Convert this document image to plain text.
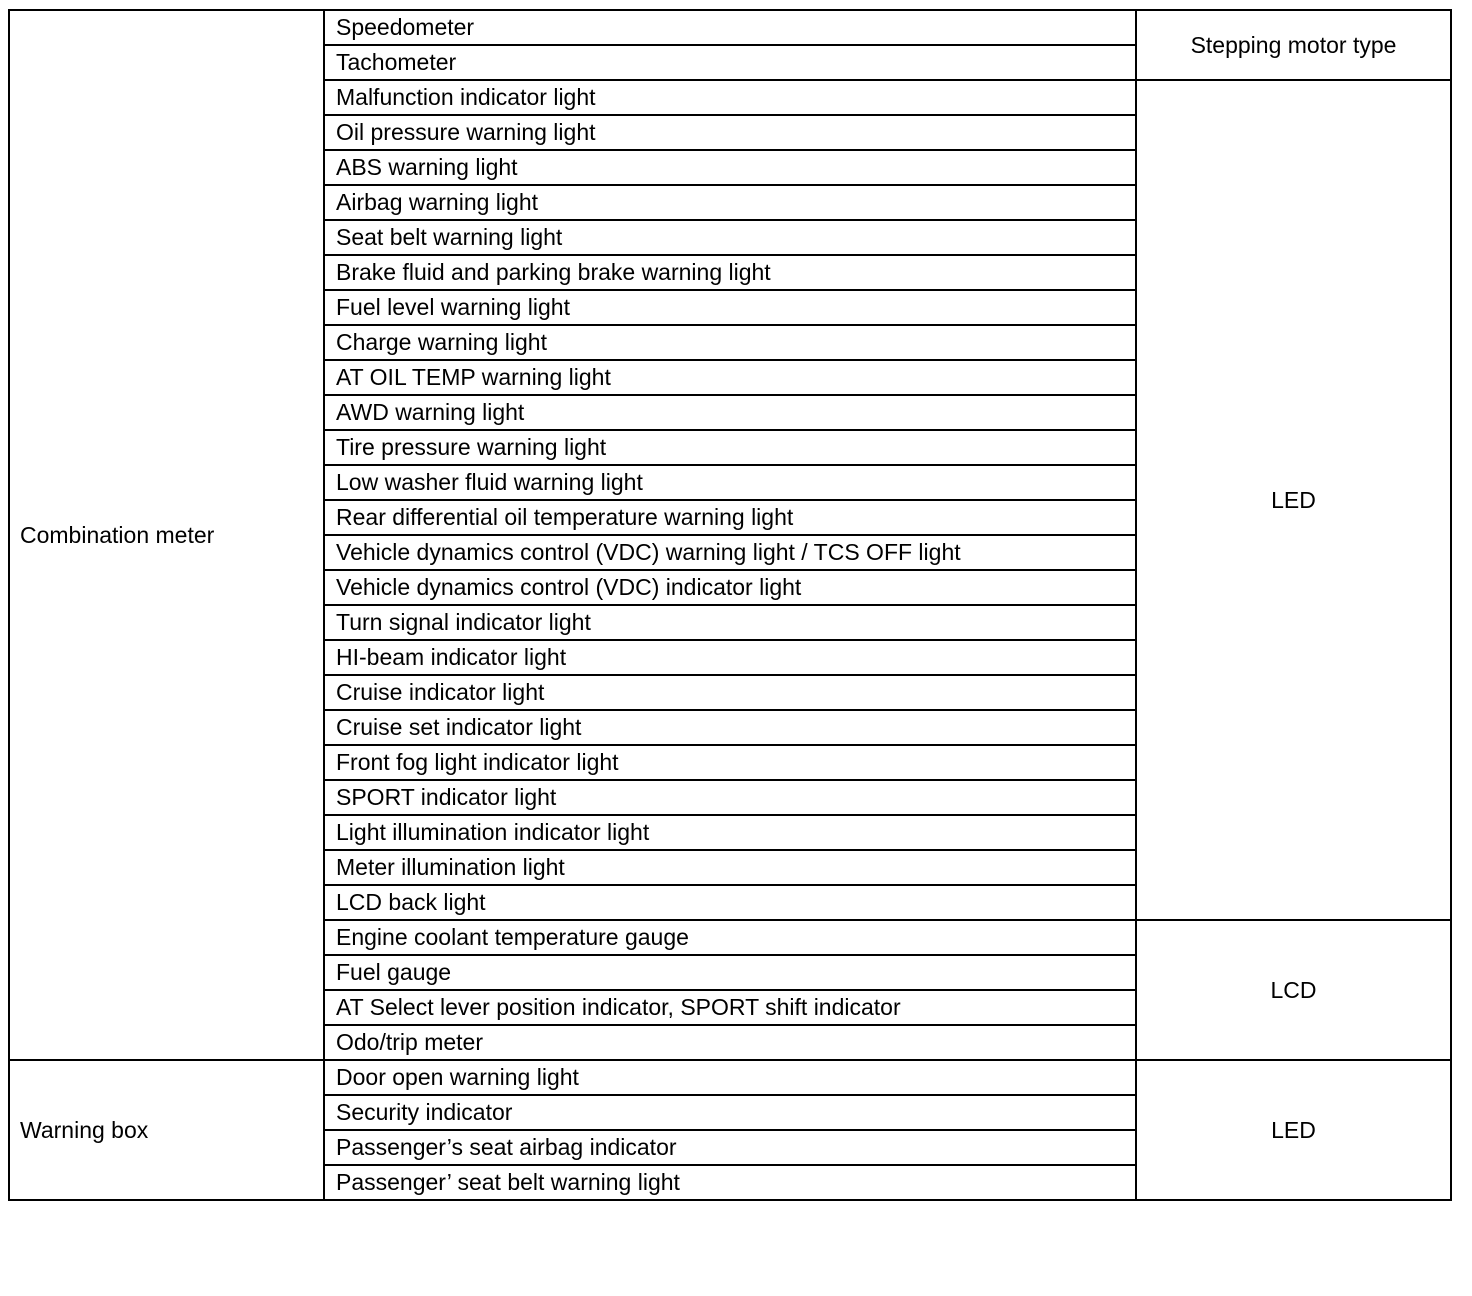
Combination meter	Speedometer	Stepping motor type
	Tachometer	
	Malfunction indicator light	LED
	Oil pressure warning light	
	ABS warning light	
	Airbag warning light	
	Seat belt warning light	
	Brake fluid and parking brake warning light	
	Fuel level warning light	
	Charge warning light	
	AT OIL TEMP warning light	
	AWD warning light	
	Tire pressure warning light	
	Low washer fluid warning light	
	Rear differential oil temperature warning light	
	Vehicle dynamics control (VDC) warning light / TCS OFF light	
	Vehicle dynamics control (VDC) indicator light	
	Turn signal indicator light	
	HI-beam indicator light	
	Cruise indicator light	
	Cruise set indicator light	
	Front fog light indicator light	
	SPORT indicator light	
	Light illumination indicator light	
	Meter illumination light	
	LCD back light	
	Engine coolant temperature gauge	LCD
	Fuel gauge	
	AT Select lever position indicator, SPORT shift indicator	
	Odo/trip meter	
Warning box	Door open warning light	LED
	Security indicator	
	Passenger’s seat airbag indicator	
	Passenger’ seat belt warning light	
